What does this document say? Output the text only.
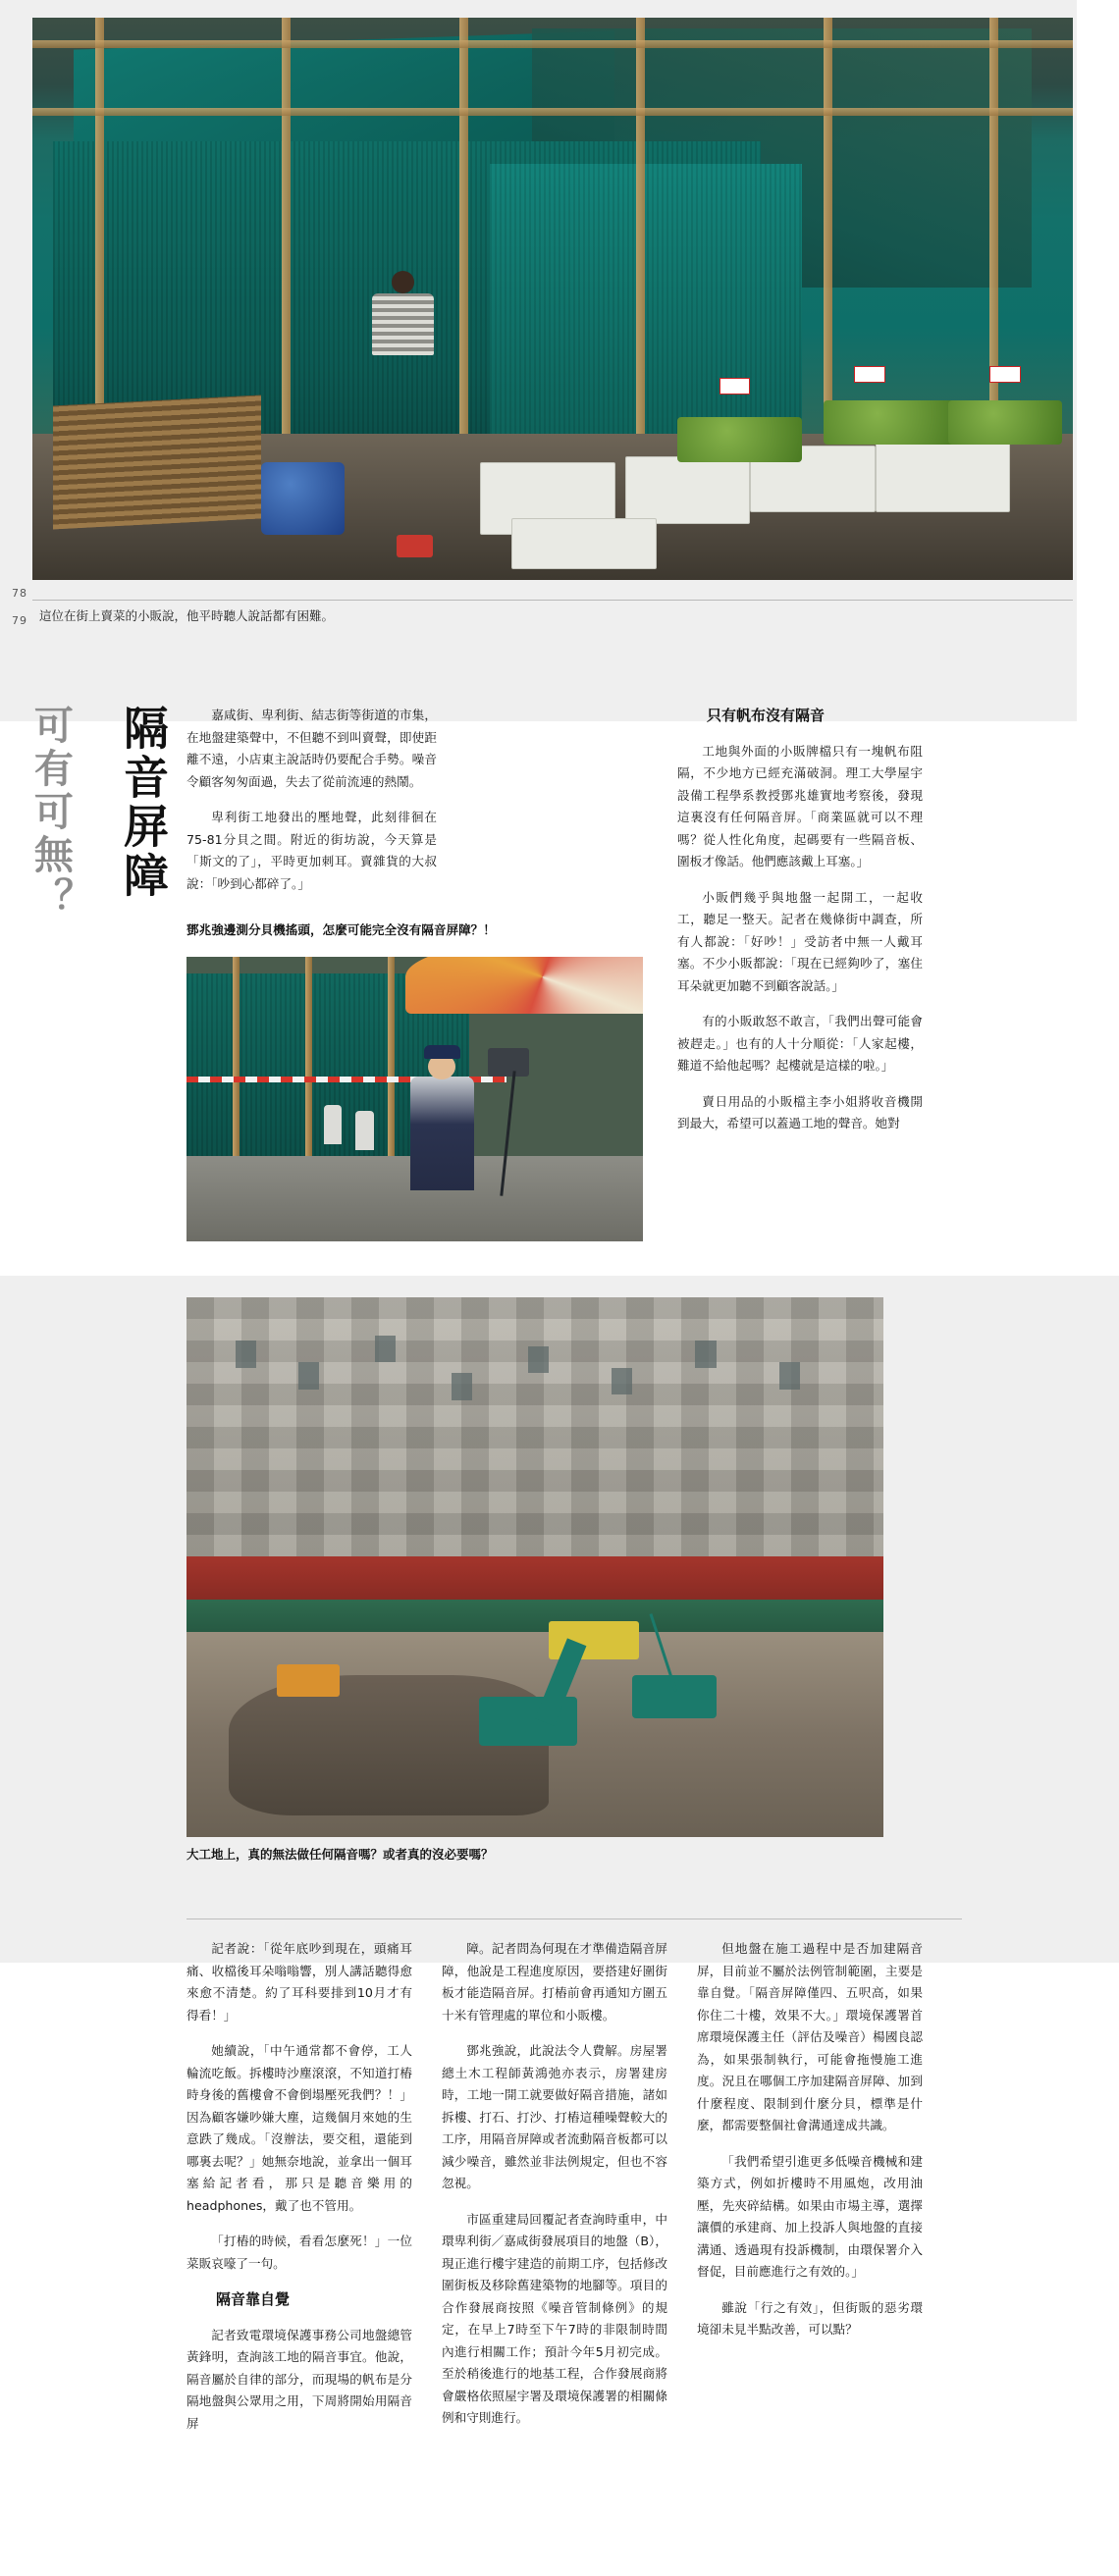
78
79 這位在街上賣菜的小販說，他平時聽人說話都有困難。
隔音屏障
可有可無？	嘉咸街、卑利街、結志街等街道的市集，在地盤建築聲中，不但聽不到叫賣聲，即使距離不遠，小店東主說話時仍要配合手勢。噪音令顧客匆匆面過，失去了從前流連的熱鬧。

卑利街工地發出的壓地聲，此刻徘徊在75-81分貝之間。附近的街坊說，今天算是「斯文的了」，平時更加刺耳。賣雜貨的大叔說：「吵到心都碎了。」

鄧兆強邊測分貝機搖頭，怎麼可能完全沒有隔音屏障？！

只有帆布沒有隔音

工地與外面的小販牌檔只有一塊帆布阻隔，不少地方已經充滿破洞。理工大學屋宇設備工程學系教授鄧兆雄實地考察後，發現這裏沒有任何隔音屏。「商業區就可以不理嗎？從人性化角度，起碼要有一些隔音板、圍板才像話。他們應該戴上耳塞。」

小販們幾乎與地盤一起開工，一起收工，聽足一整天。記者在幾條街中調查，所有人都說：「好吵！」受訪者中無一人戴耳塞。不少小販都說：「現在已經夠吵了，塞住耳朵就更加聽不到顧客說話。」

有的小販敢怒不敢言，「我們出聲可能會被趕走。」也有的人十分順從：「人家起樓，難道不給他起嗎？起樓就是這樣的啦。」

賣日用品的小販檔主李小姐將收音機開到最大，希望可以蓋過工地的聲音。她對

大工地上，真的無法做任何隔音嗎？或者真的沒必要嗎？

記者說：「從年底吵到現在，頭痛耳痛、收檔後耳朵嗡嗡響，別人講話聽得愈來愈不清楚。約了耳科要排到10月才有得看！」

她續說，「中午通常都不會停，工人輪流吃飯。拆樓時沙塵滾滾，不知道打樁時身後的舊樓會不會倒塌壓死我們？！」因為顧客嫌吵嫌大塵，這幾個月來她的生意跌了幾成。「沒辦法，要交租，還能到哪裏去呢？」她無奈地說，並拿出一個耳塞給記者看，那只是聽音樂用的headphones，戴了也不管用。

「打樁的時候，看看怎麼死！」一位菜販哀嚎了一句。

隔音靠自覺

記者致電環境保護事務公司地盤總管黃鋒明，查詢該工地的隔音事宜。他說，隔音屬於自律的部分，而現場的帆布是分隔地盤與公眾用之用，下周將開始用隔音屏

障。記者問為何現在才準備造隔音屏障，他說是工程進度原因，要搭建好圍街板才能造隔音屏。打樁前會再通知方圍五十米有管理處的單位和小販樓。

鄧兆強說，此說法令人費解。房屋署總土木工程師黃鴻弛亦表示，房署建房時，工地一開工就要做好隔音措施，諸如拆樓、打石、打沙、打樁這種噪聲較大的工序，用隔音屏障或者流動隔音板都可以減少噪音，雖然並非法例規定，但也不容忽視。

市區重建局回覆記者查詢時重申，中環卑利街／嘉咸街發展項目的地盤（B），現正進行樓宇建造的前期工序，包括修改圍街板及移除舊建築物的地腳等。項目的合作發展商按照《噪音管制條例》的規定，在早上7時至下午7時的非限制時間內進行相關工作；預計今年5月初完成。至於稍後進行的地基工程，合作發展商將會嚴格依照屋宇署及環境保護署的相關條例和守則進行。

但地盤在施工過程中是否加建隔音屏，目前並不屬於法例管制範圍，主要是靠自覺。「隔音屏障僅四、五呎高，如果你住二十樓，效果不大。」環境保護署首席環境保護主任（評估及噪音）楊國良認為，如果張制執行，可能會拖慢施工進度。況且在哪個工序加建隔音屏障、加到什麼程度、限制到什麼分貝，標準是什麼，都需要整個社會溝通達成共識。

「我們希望引進更多低噪音機械和建築方式，例如折樓時不用風炮，改用油壓，先夾碎結構。如果由市場主導，選擇讓價的承建商、加上投訴人與地盤的直接溝通、透過現有投訴機制，由環保署介入督促，目前應進行之有效的。」

雖說「行之有效」，但街販的惡劣環境卻未見半點改善，可以點？
